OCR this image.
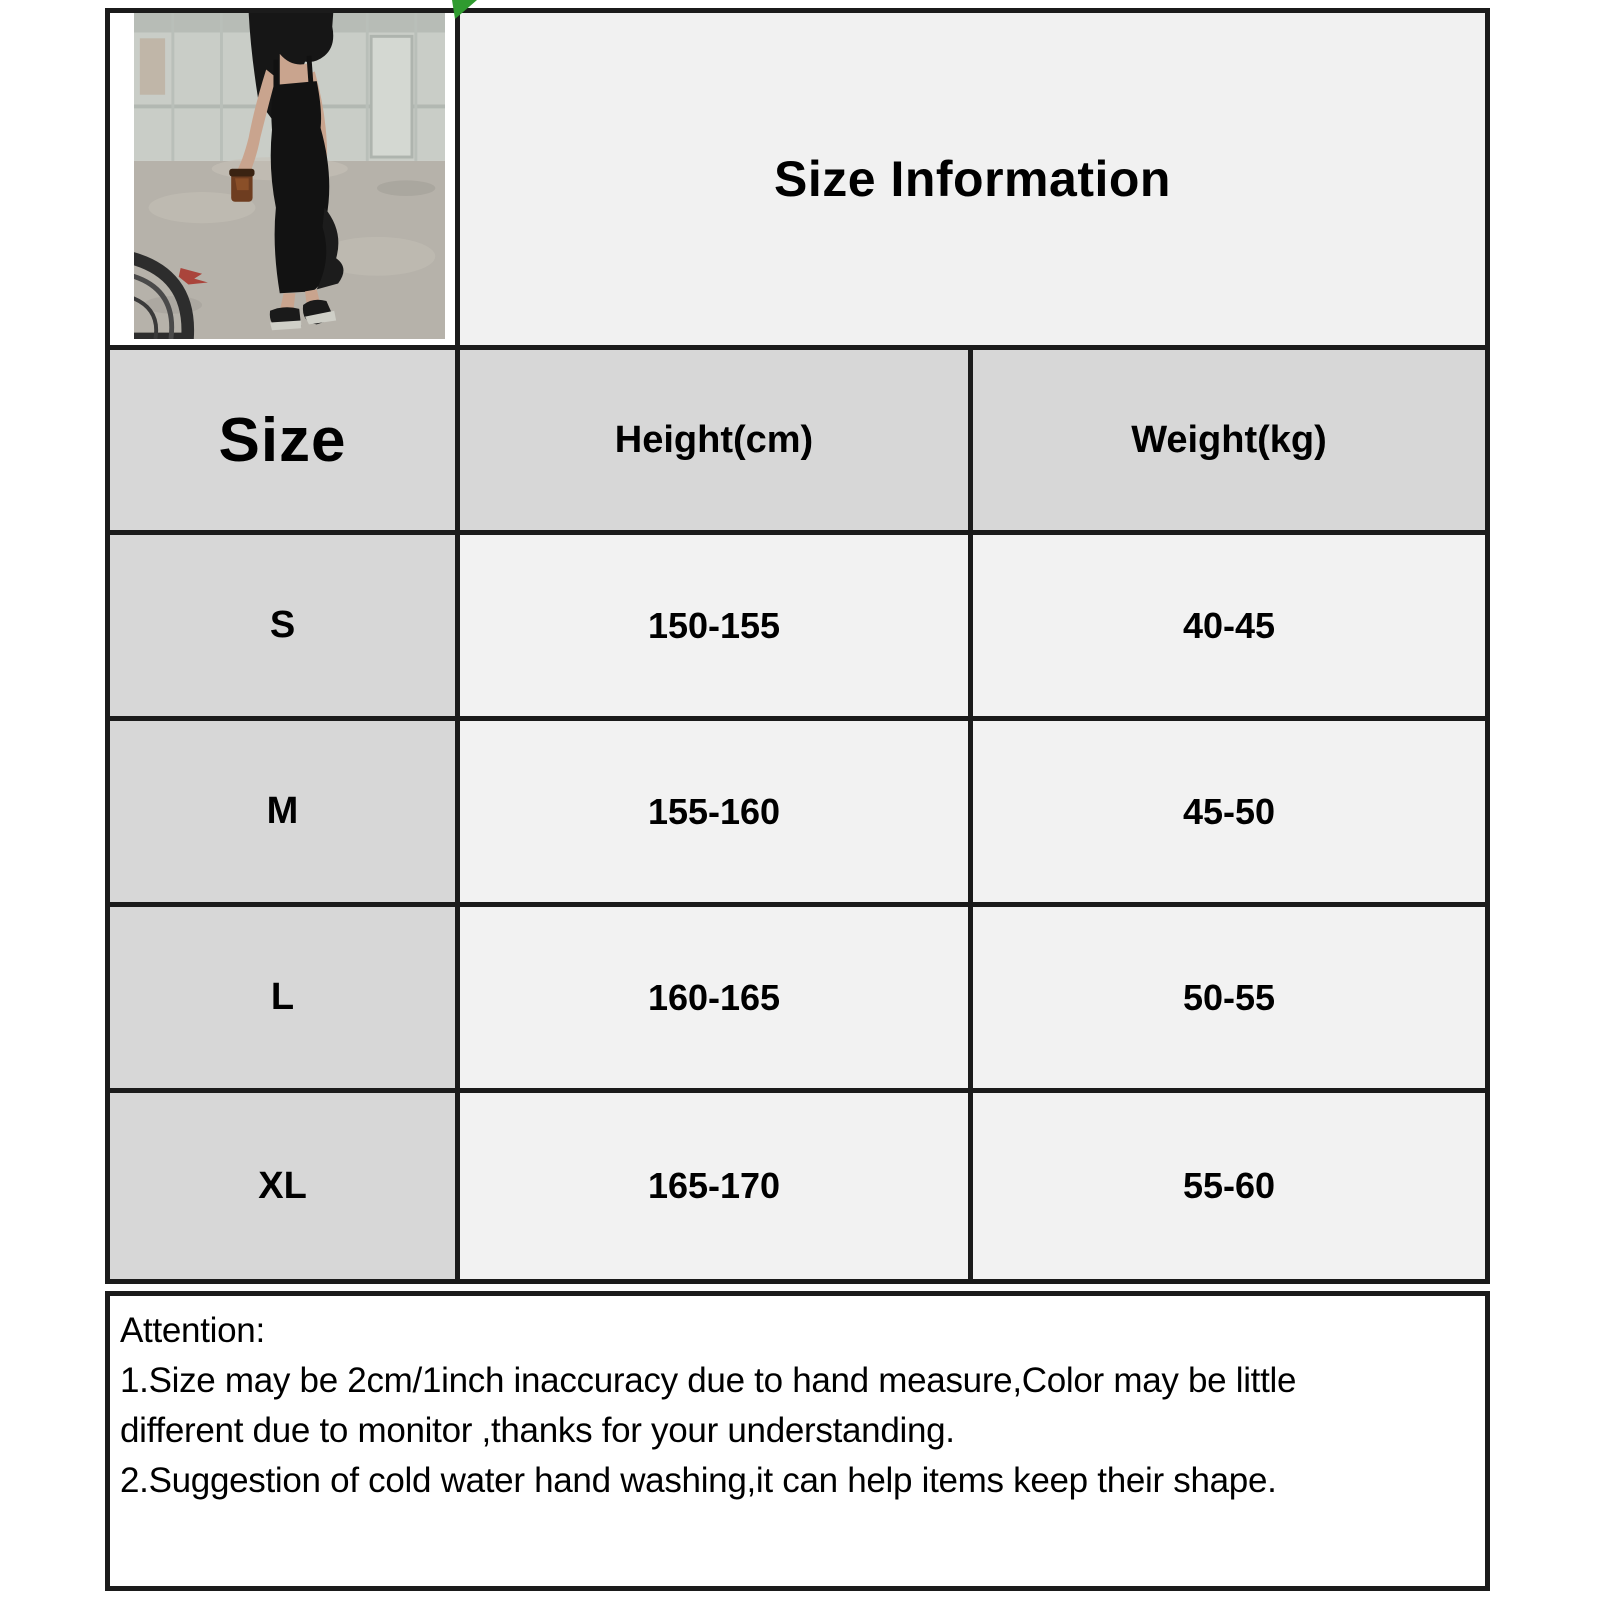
Size Information
Size	Height(cm)	Weight(kg)
S	150-155	40-45
M	155-160	45-50
L	160-165	50-55
XL	165-170	55-60
Attention:
1.Size may be 2cm/1inch inaccuracy due to hand measure,Color may be little
different due to monitor ,thanks for your understanding.
2.Suggestion of cold water hand washing,it can help items keep their shape.
